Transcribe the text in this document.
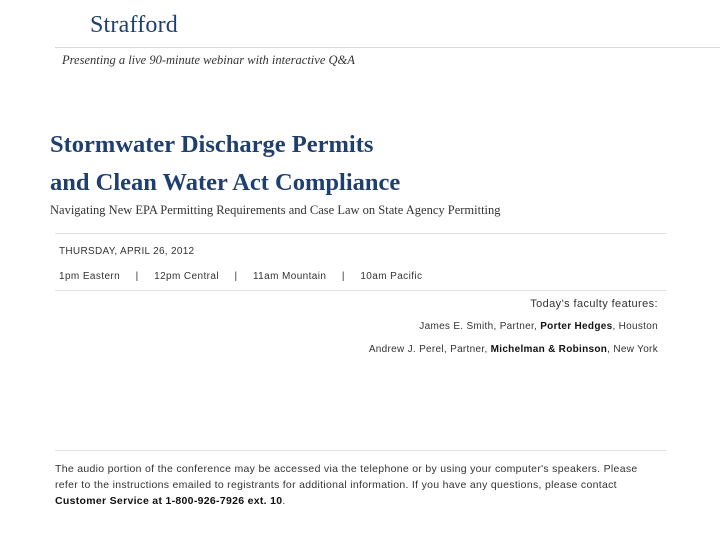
Strafford
Presenting a live 90-minute webinar with interactive Q&A
Stormwater Discharge Permits
and Clean Water Act Compliance
Navigating New EPA Permitting Requirements and Case Law on State Agency Permitting
THURSDAY, APRIL 26, 2012
1pm Eastern | 12pm Central | 11am Mountain | 10am Pacific
Today’s faculty features:
James E. Smith, Partner, Porter Hedges, Houston
Andrew J. Perel, Partner, Michelman & Robinson, New York
The audio portion of the conference may be accessed via the telephone or by using your computer's speakers. Please refer to the instructions emailed to registrants for additional information. If you have any questions, please contact Customer Service at 1-800-926-7926 ext. 10.
